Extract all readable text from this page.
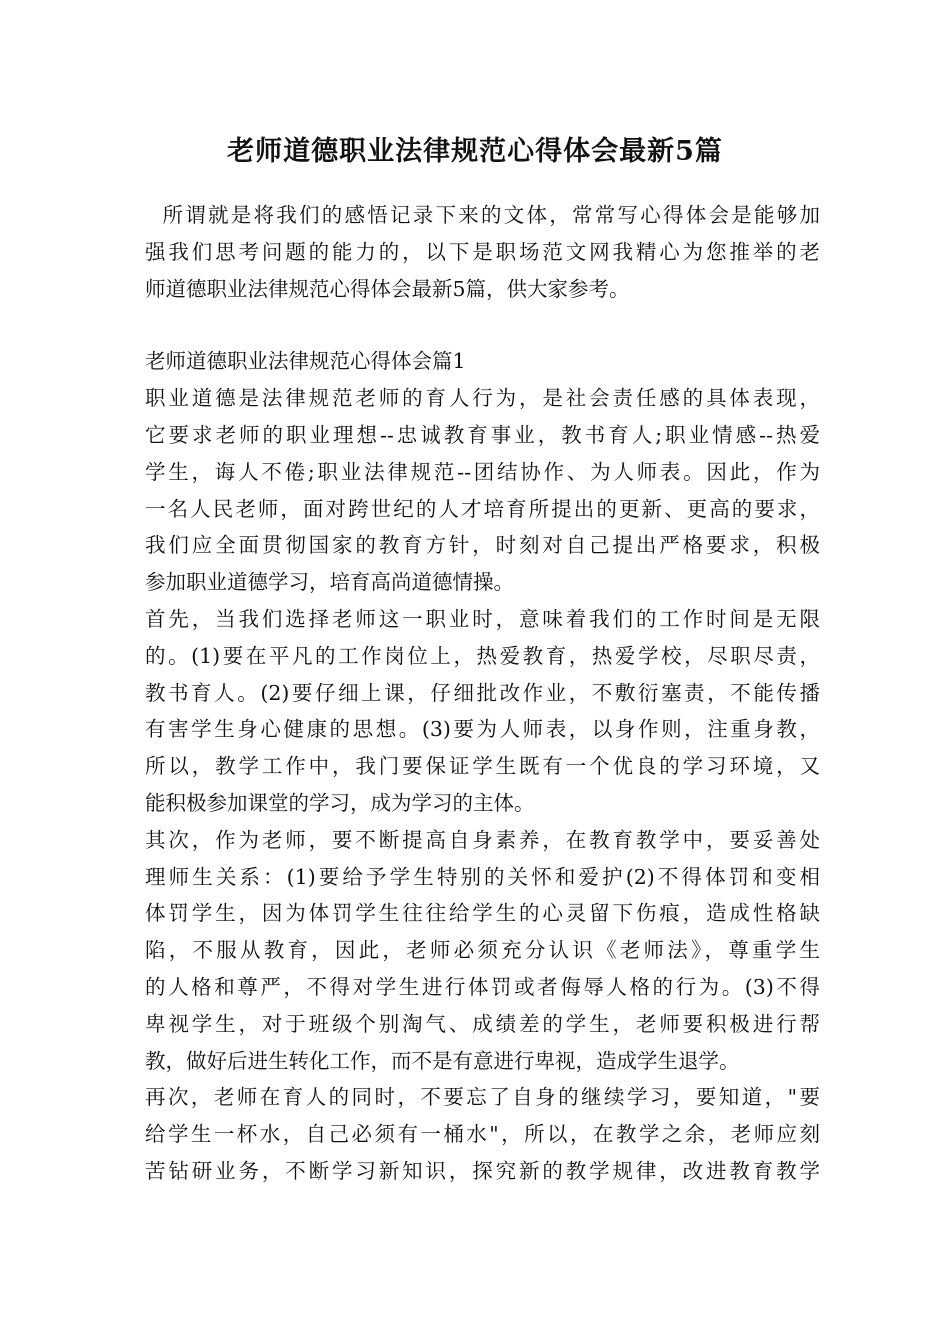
老师道德职业法律规范心得体会最新5篇
所谓就是将我们的感悟记录下来的文体，常常写心得体会是能够加
强我们思考问题的能力的，以下是职场范文网我精心为您推举的老
师道德职业法律规范心得体会最新5篇，供大家参考。
老师道德职业法律规范心得体会篇1
职业道德是法律规范老师的育人行为，是社会责任感的具体表现，
它要求老师的职业理想--忠诚教育事业，教书育人;职业情感--热爱
学生，诲人不倦;职业法律规范--团结协作、为人师表。因此，作为
一名人民老师，面对跨世纪的人才培育所提出的更新、更高的要求，
我们应全面贯彻国家的教育方针，时刻对自己提出严格要求，积极
参加职业道德学习，培育高尚道德情操。
首先，当我们选择老师这一职业时，意味着我们的工作时间是无限
的。(1)要在平凡的工作岗位上，热爱教育，热爱学校，尽职尽责，
教书育人。(2)要仔细上课，仔细批改作业，不敷衍塞责，不能传播
有害学生身心健康的思想。(3)要为人师表，以身作则，注重身教，
所以，教学工作中，我门要保证学生既有一个优良的学习环境，又
能积极参加课堂的学习，成为学习的主体。
其次，作为老师，要不断提高自身素养，在教育教学中，要妥善处
理师生关系：(1)要给予学生特别的关怀和爱护(2)不得体罚和变相
体罚学生，因为体罚学生往往给学生的心灵留下伤痕，造成性格缺
陷，不服从教育，因此，老师必须充分认识《老师法》，尊重学生
的人格和尊严，不得对学生进行体罚或者侮辱人格的行为。(3)不得
卑视学生，对于班级个别淘气、成绩差的学生，老师要积极进行帮
教，做好后进生转化工作，而不是有意进行卑视，造成学生退学。
再次，老师在育人的同时，不要忘了自身的继续学习，要知道，"要
给学生一杯水，自己必须有一桶水"，所以，在教学之余，老师应刻
苦钻研业务，不断学习新知识，探究新的教学规律，改进教育教学
